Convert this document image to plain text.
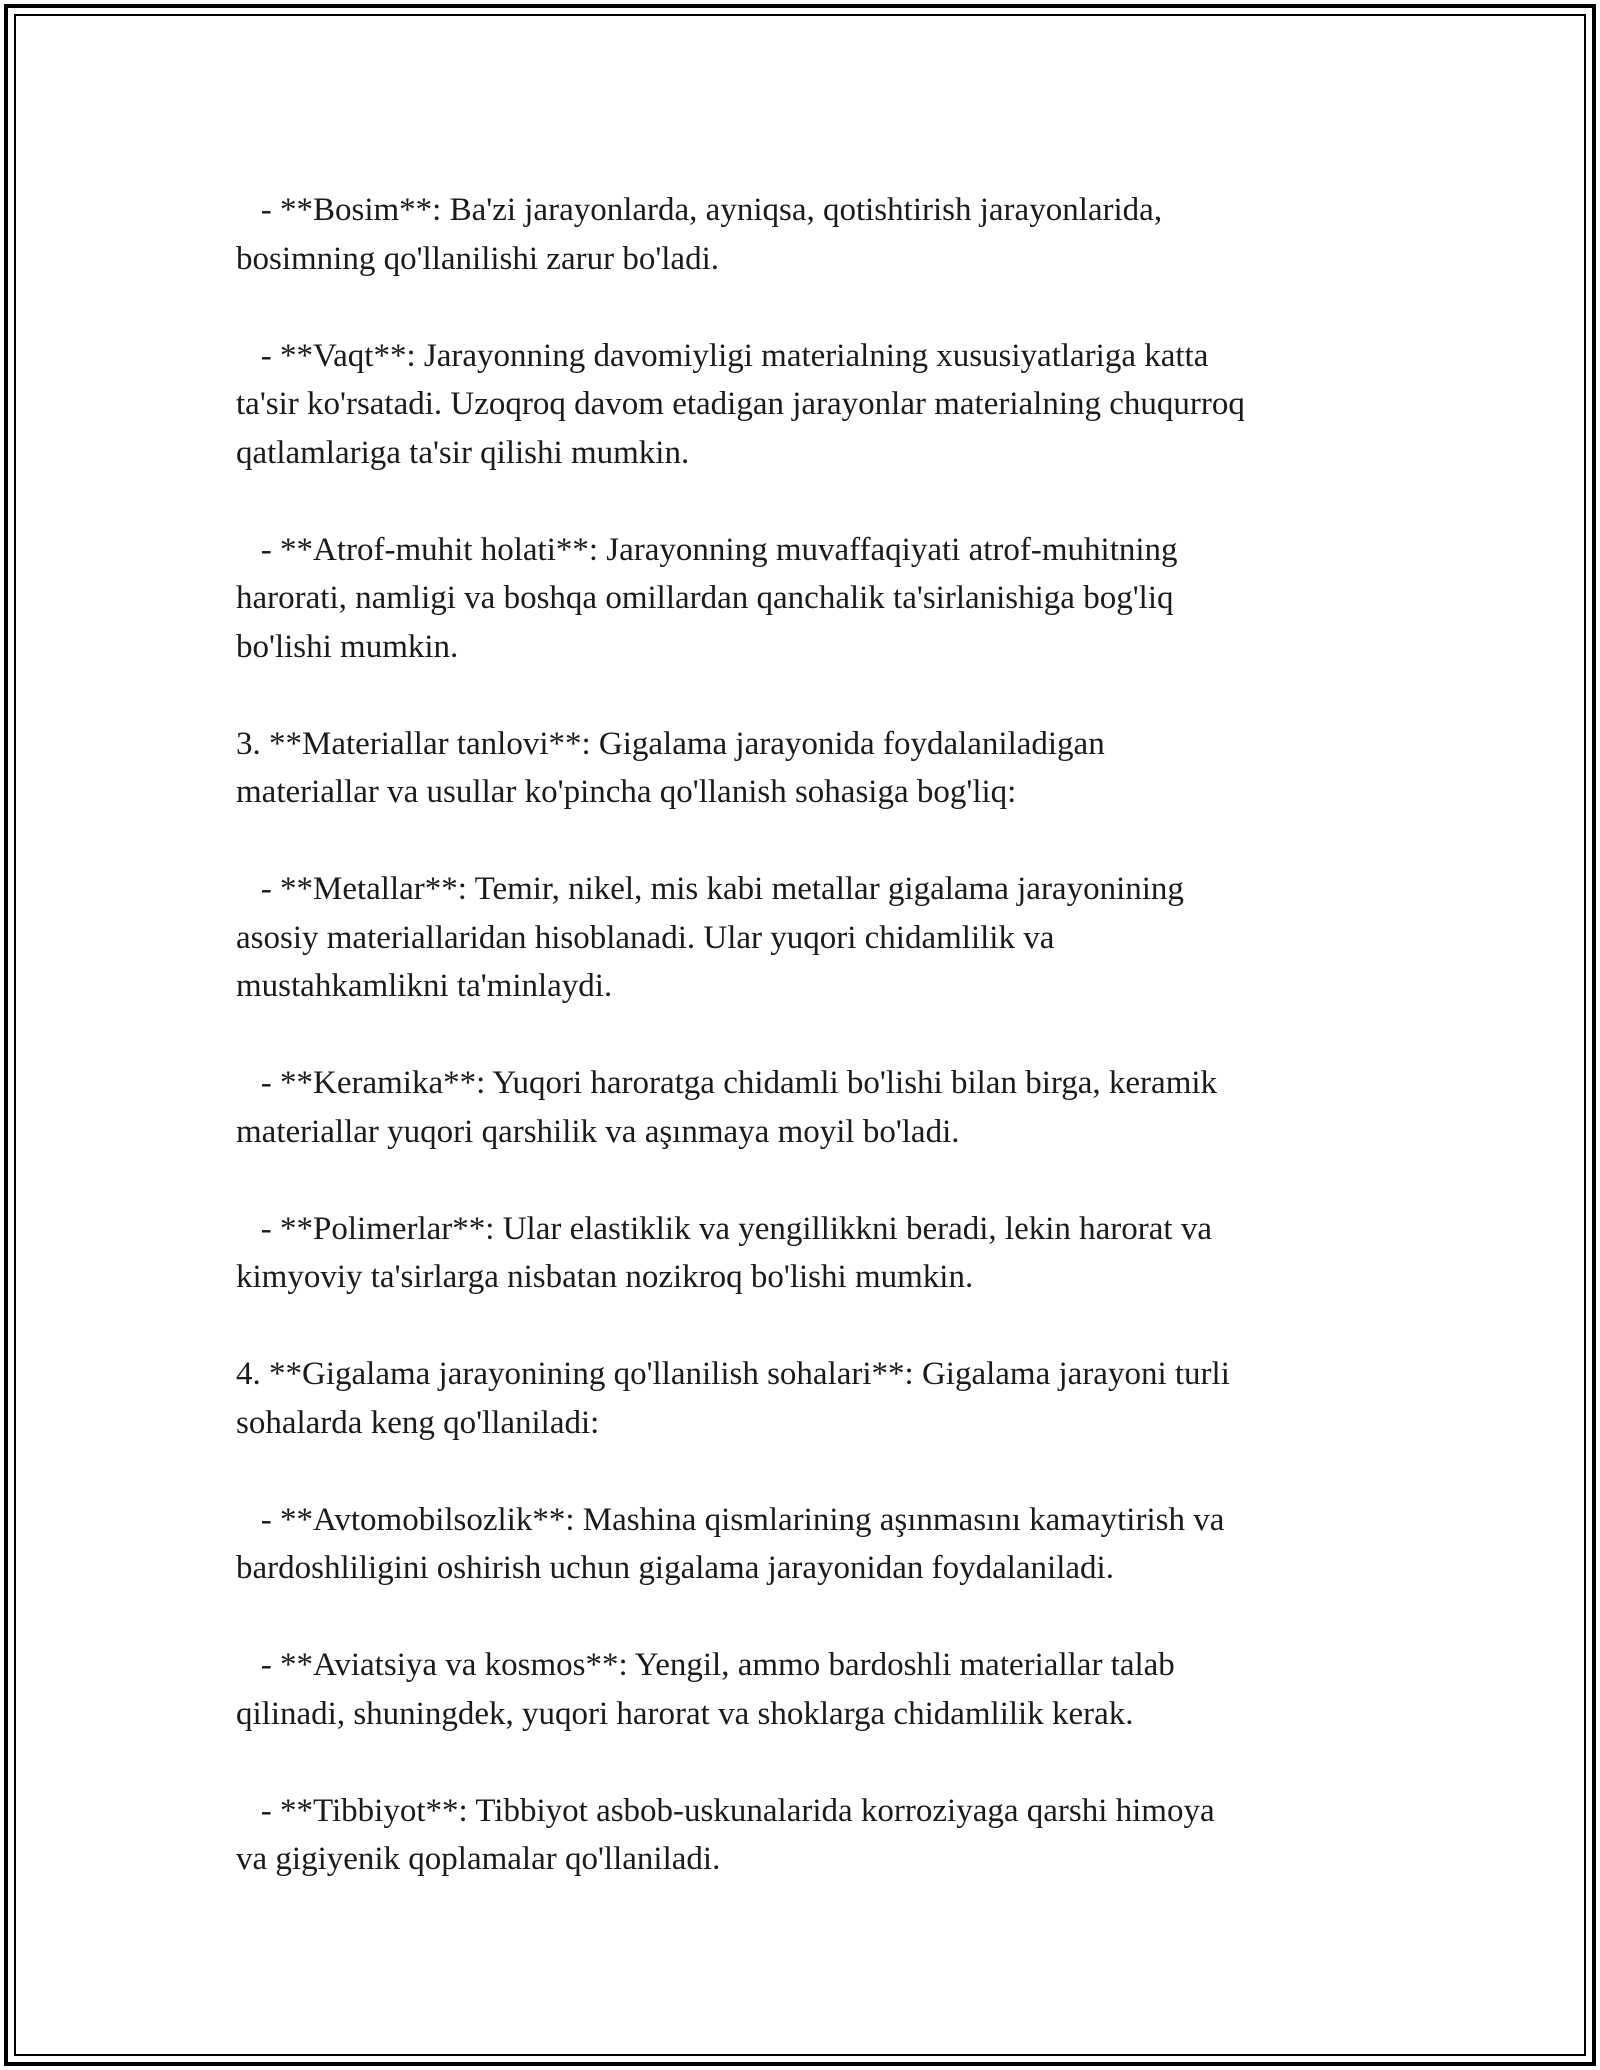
- **Bosim**: Ba'zi jarayonlarda, ayniqsa, qotishtirish jarayonlarida,
bosimning qo'llanilishi zarur bo'ladi.

- **Vaqt**: Jarayonning davomiyligi materialning xususiyatlariga katta
ta'sir ko'rsatadi. Uzoqroq davom etadigan jarayonlar materialning chuqurroq
qatlamlariga ta'sir qilishi mumkin.

- **Atrof-muhit holati**: Jarayonning muvaffaqiyati atrof-muhitning
harorati, namligi va boshqa omillardan qanchalik ta'sirlanishiga bog'liq
bo'lishi mumkin.

3. **Materiallar tanlovi**: Gigalama jarayonida foydalaniladigan
materiallar va usullar ko'pincha qo'llanish sohasiga bog'liq:

- **Metallar**: Temir, nikel, mis kabi metallar gigalama jarayonining
asosiy materiallaridan hisoblanadi. Ular yuqori chidamlilik va
mustahkamlikni ta'minlaydi.

- **Keramika**: Yuqori haroratga chidamli bo'lishi bilan birga, keramik
materiallar yuqori qarshilik va aşınmaya moyil bo'ladi.

- **Polimerlar**: Ular elastiklik va yengillikkni beradi, lekin harorat va
kimyoviy ta'sirlarga nisbatan nozikroq bo'lishi mumkin.

4. **Gigalama jarayonining qo'llanilish sohalari**: Gigalama jarayoni turli
sohalarda keng qo'llaniladi:

- **Avtomobilsozlik**: Mashina qismlarining aşınmasını kamaytirish va
bardoshliligini oshirish uchun gigalama jarayonidan foydalaniladi.

- **Aviatsiya va kosmos**: Yengil, ammo bardoshli materiallar talab
qilinadi, shuningdek, yuqori harorat va shoklarga chidamlilik kerak.

- **Tibbiyot**: Tibbiyot asbob-uskunalarida korroziyaga qarshi himoya
va gigiyenik qoplamalar qo'llaniladi.
